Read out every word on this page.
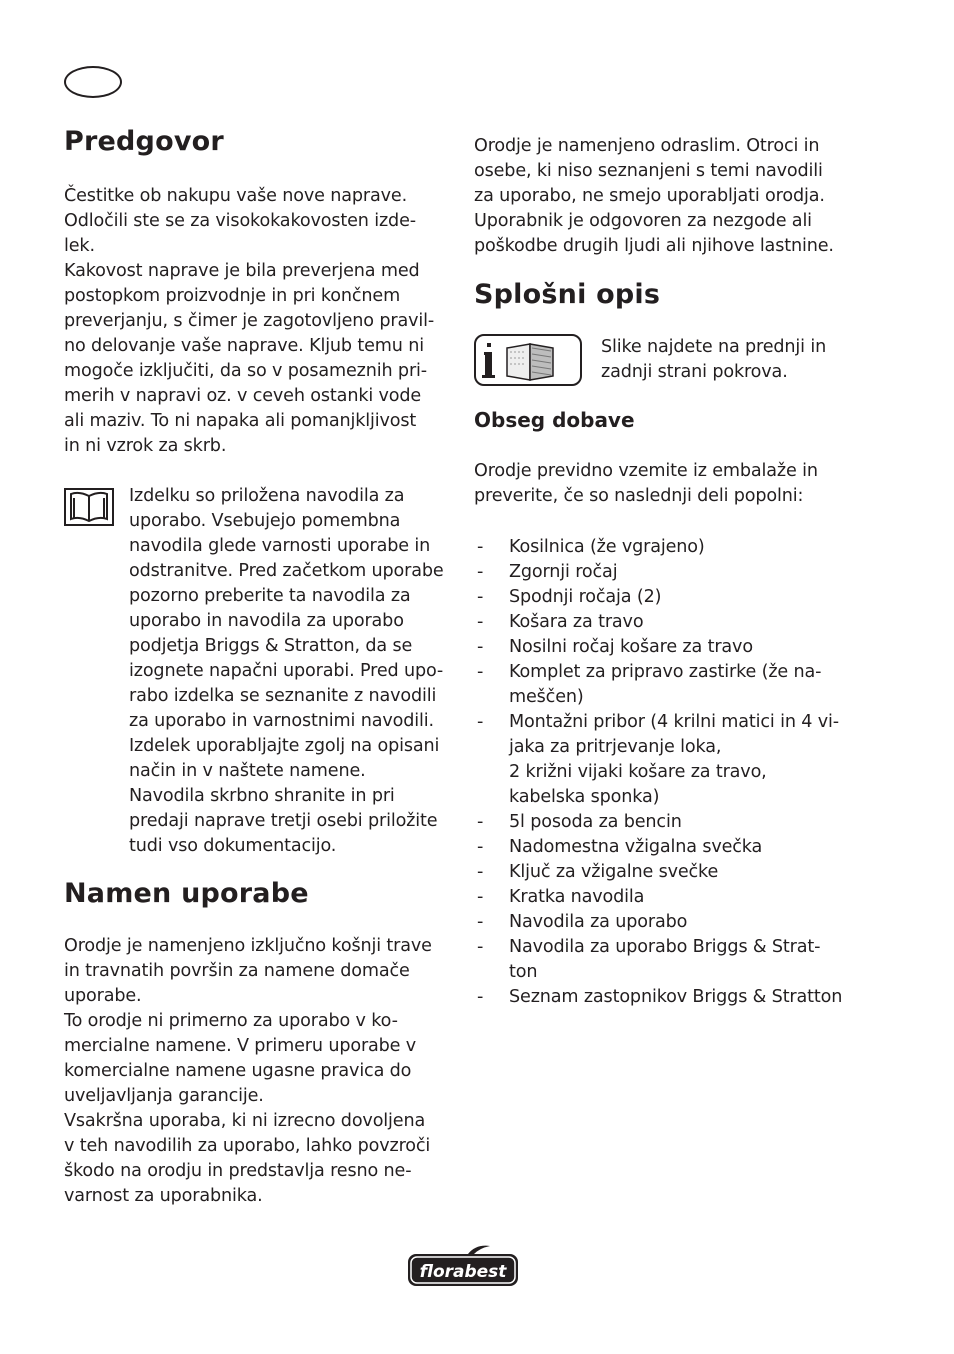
Predgovor

Čestitke ob nakupu vaše nove naprave.
Odločili ste se za visokokakovosten izde-
lek.
Kakovost naprave je bila preverjena med
postopkom proizvodnje in pri končnem
preverjanju, s čimer je zagotovljeno pravil-
no delovanje vaše naprave. Kljub temu ni
mogoče izključiti, da so v posameznih pri-
merih v napravi oz. v ceveh ostanki vode
ali maziv. To ni napaka ali pomanjkljivost
in ni vzrok za skrb.

Izdelku so priložena navodila za
uporabo. Vsebujejo pomembna
navodila glede varnosti uporabe in
odstranitve. Pred začetkom uporabe
pozorno preberite ta navodila za
uporabo in navodila za uporabo
podjetja Briggs & Stratton, da se
izognete napačni uporabi. Pred upo-
rabo izdelka se seznanite z navodili
za uporabo in varnostnimi navodili.
Izdelek uporabljajte zgolj na opisani
način in v naštete namene.
Navodila skrbno shranite in pri
predaji naprave tretji osebi priložite
tudi vso dokumentacijo.

Namen uporabe

Orodje je namenjeno izključno košnji trave
in travnatih površin za namene domače
uporabe.
To orodje ni primerno za uporabo v ko-
mercialne namene. V primeru uporabe v
komercialne namene ugasne pravica do
uveljavljanja garancije.
Vsakršna uporaba, ki ni izrecno dovoljena
v teh navodilih za uporabo, lahko povzroči
škodo na orodju in predstavlja resno ne-
varnost za uporabnika.

Orodje je namenjeno odraslim. Otroci in
osebe, ki niso seznanjeni s temi navodili
za uporabo, ne smejo uporabljati orodja.
Uporabnik je odgovoren za nezgode ali
poškodbe drugih ljudi ali njihove lastnine.

Splošni opis

Slike najdete na prednji in
zadnji strani pokrova.

Obseg dobave

Orodje previdno vzemite iz embalaže in
preverite, če so naslednji deli popolni:

- Kosilnica (že vgrajeno)
- Zgornji ročaj
- Spodnji ročaja (2)
- Košara za travo
- Nosilni ročaj košare za travo
- Komplet za pripravo zastirke (že na-
meščen)
- Montažni pribor (4 krilni matici in 4 vi-
jaka za pritrjevanje loka,
2 križni vijaki košare za travo,
kabelska sponka)
- 5l posoda za bencin
- Nadomestna vžigalna svečka
- Ključ za vžigalne svečke
- Kratka navodila
- Navodila za uporabo
- Navodila za uporabo Briggs & Strat-
ton
- Seznam zastopnikov Briggs & Stratton
florabest
